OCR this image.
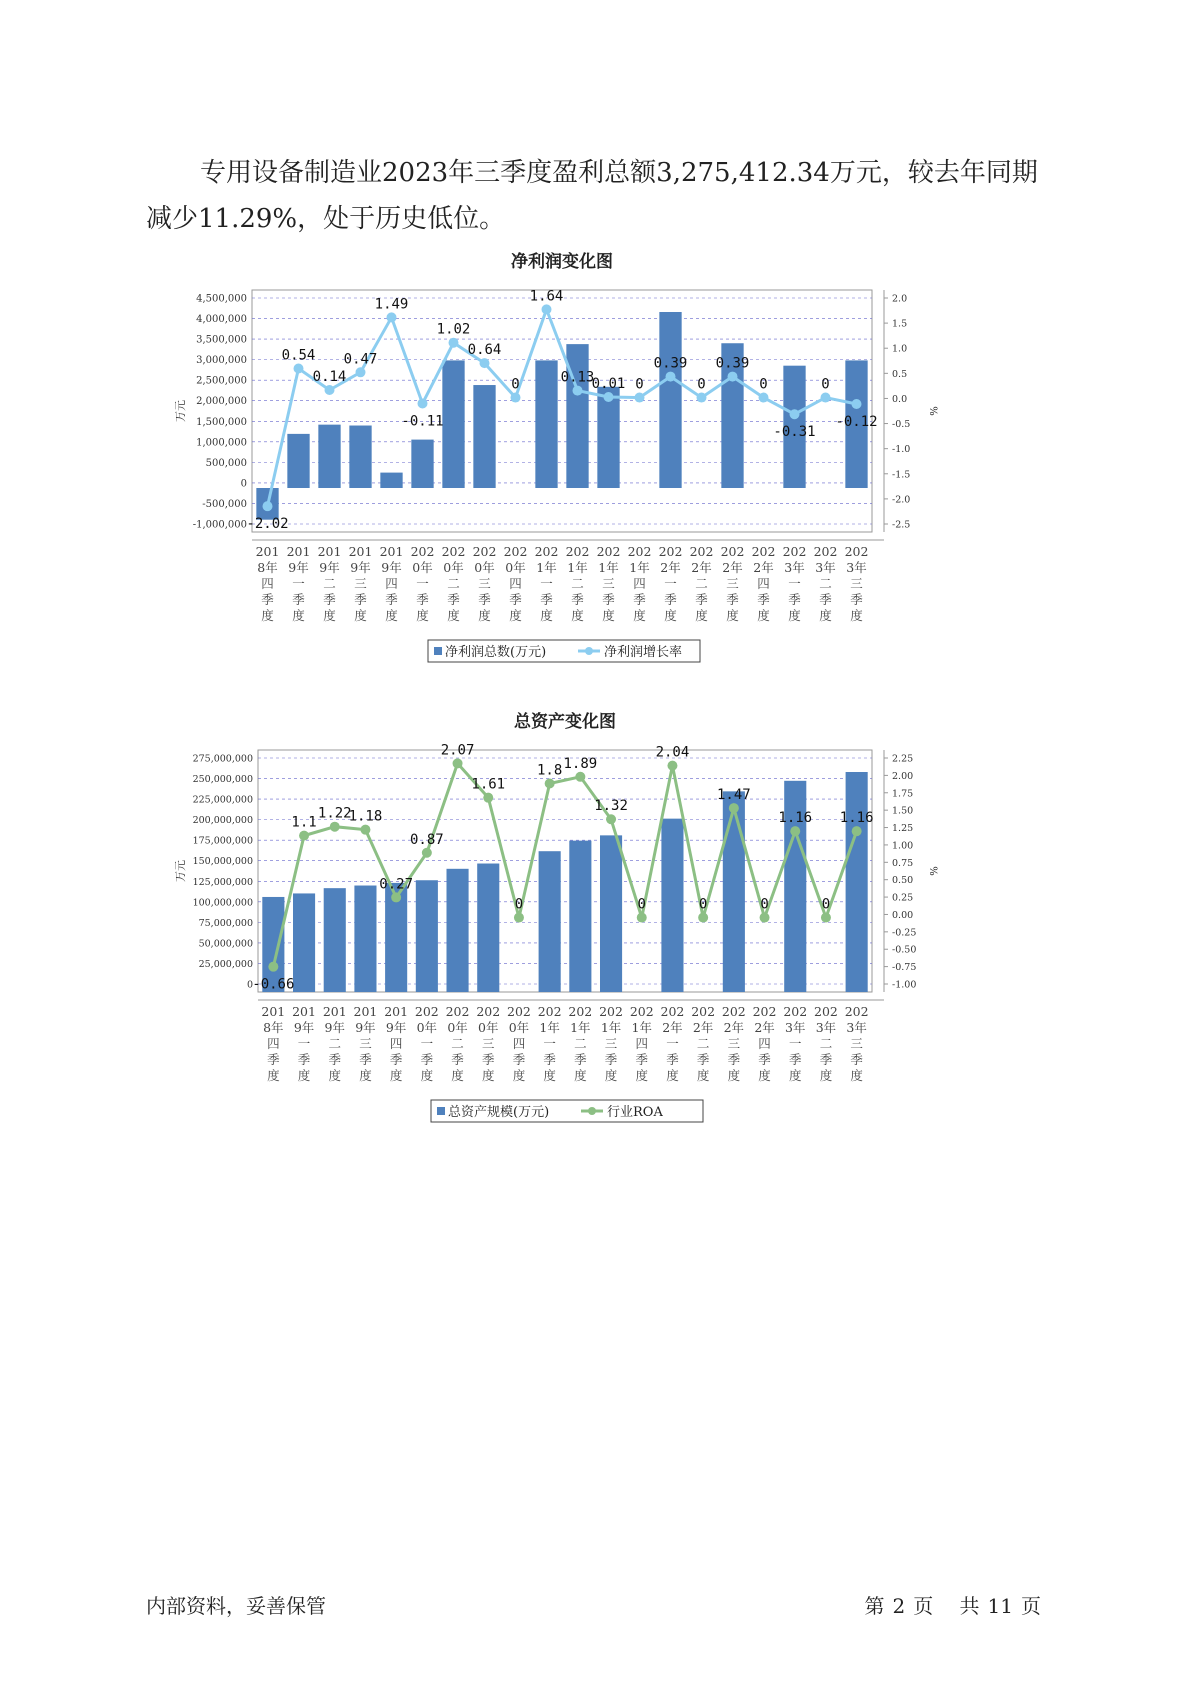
专用设备制造业2023年三季度盈利总额3,275,412.34万元，较去年同期减少11.29%，处于历史低位。
净利润变化图
4,500,000
4,000,000
3,500,000
3,000,000
2,500,000
2,000,000
1,500,000
1,000,000
500,000
0
-500,000
-1,000,000
2.0
1.5
1.0
0.5
0.0
-0.5
-1.0
-1.5
-2.0
-2.5
万元	%
-2.02
0.54
0.14
0.47
1.49
-0.11
1.02
0.64
0
1.64
0.13
0.01 0
0.39
0
0.39
0
-0.31
0
-0.12
201
8年
四
季
度
201
9年
一
季
度
201
9年
二
季
度
201
9年
三
季
度
201
9年
四
季
度
202
0年
一
季
度
202
0年
二
季
度
202
0年
三
季
度
202
0年
四
季
度
202
1年
一
季
度
202
1年
二
季
度
202
1年
三
季
度
202
1年
四
季
度
202
2年
一
季
度
202
2年
二
季
度
202
2年
三
季
度
202
2年
四
季
度
202
3年
一
季
度
202
3年
二
季
度
202
3年
三
季
度
净利润总数(万元)	净利润增长率
总资产变化图
275,000,000
250,000,000
225,000,000
200,000,000
175,000,000
150,000,000
125,000,000
100,000,000
75,000,000
50,000,000
25,000,000
0
2.25
2.00
1.75
1.50
1.25
1.00
0.75
0.50
0.25
0.00
-0.25
-0.50
-0.75
-1.00
万元	%
-0.66
1.1
1.22
1.18
0.27
0.87
2.07
1.61
0
1.8 1.89
1.32
0
2.04
0
1.47
0
1.16
0
1.16
201
8年
四
季
度
201
9年
一
季
度
201
9年
二
季
度
201
9年
三
季
度
201
9年
四
季
度
202
0年
一
季
度
202
0年
二
季
度
202
0年
三
季
度
202
0年
四
季
度
202
1年
一
季
度
202
1年
二
季
度
202
1年
三
季
度
202
1年
四
季
度
202
2年
一
季
度
202
2年
二
季
度
202
2年
三
季
度
202
2年
四
季
度
202
3年
一
季
度
202
3年
二
季
度
202
3年
三
季
度
总资产规模(万元)	行业ROA
内部资料，妥善保管	第 2 页 共 11 页
